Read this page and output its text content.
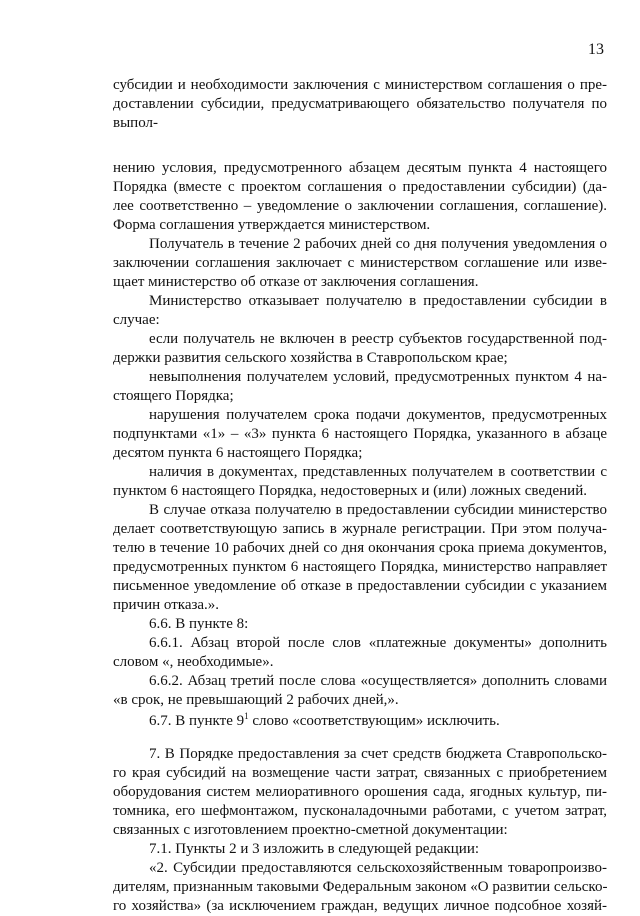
13
субсидии и необходимости заключения с министерством соглашения о пре-
доставлении субсидии, предусматривающего обязательство получателя по
выпол-
нению условия, предусмотренного абзацем десятым пункта 4 настоящего
Порядка (вместе с проектом соглашения о предоставлении субсидии) (да-
лее соответственно – уведомление о заключении соглашения, соглашение).
Форма соглашения утверждается министерством.
Получатель в течение 2 рабочих дней со дня получения уведомления о
заключении соглашения заключает с министерством соглашение или изве-
щает министерство об отказе от заключения соглашения.
Министерство отказывает получателю в предоставлении субсидии в
случае:
если получатель не включен в реестр субъектов государственной под-
держки развития сельского хозяйства в Ставропольском крае;
невыполнения получателем условий, предусмотренных пунктом 4 на-
стоящего Порядка;
нарушения получателем срока подачи документов, предусмотренных
подпунктами «1» – «3» пункта 6 настоящего Порядка, указанного в абзаце
десятом пункта 6 настоящего Порядка;
наличия в документах, представленных получателем в соответствии с
пунктом 6 настоящего Порядка, недостоверных и (или) ложных сведений.
В случае отказа получателю в предоставлении субсидии министерство
делает соответствующую запись в журнале регистрации. При этом получа-
телю в течение 10 рабочих дней со дня окончания срока приема документов,
предусмотренных пунктом 6 настоящего Порядка, министерство направляет
письменное уведомление об отказе в предоставлении субсидии с указанием
причин отказа.».
6.6. В пункте 8:
6.6.1. Абзац второй после слов «платежные документы» дополнить
словом «, необходимые».
6.6.2. Абзац третий после слова «осуществляется» дополнить словами
«в срок, не превышающий 2 рабочих дней,».
6.7. В пункте $9^1$ слово «соответствующим» исключить.
7. В Порядке предоставления за счет средств бюджета Ставропольско-
го края субсидий на возмещение части затрат, связанных с приобретением
оборудования систем мелиоративного орошения сада, ягодных культур, пи-
томника, его шефмонтажом, пусконаладочными работами, с учетом затрат,
связанных с изготовлением проектно-сметной документации:
7.1. Пункты 2 и 3 изложить в следующей редакции:
«2. Субсидии предоставляются сельскохозяйственным товаропроизво-
дителям, признанным таковыми Федеральным законом «О развитии сельско-
го хозяйства» (за исключением граждан, ведущих личное подсобное хозяй-
